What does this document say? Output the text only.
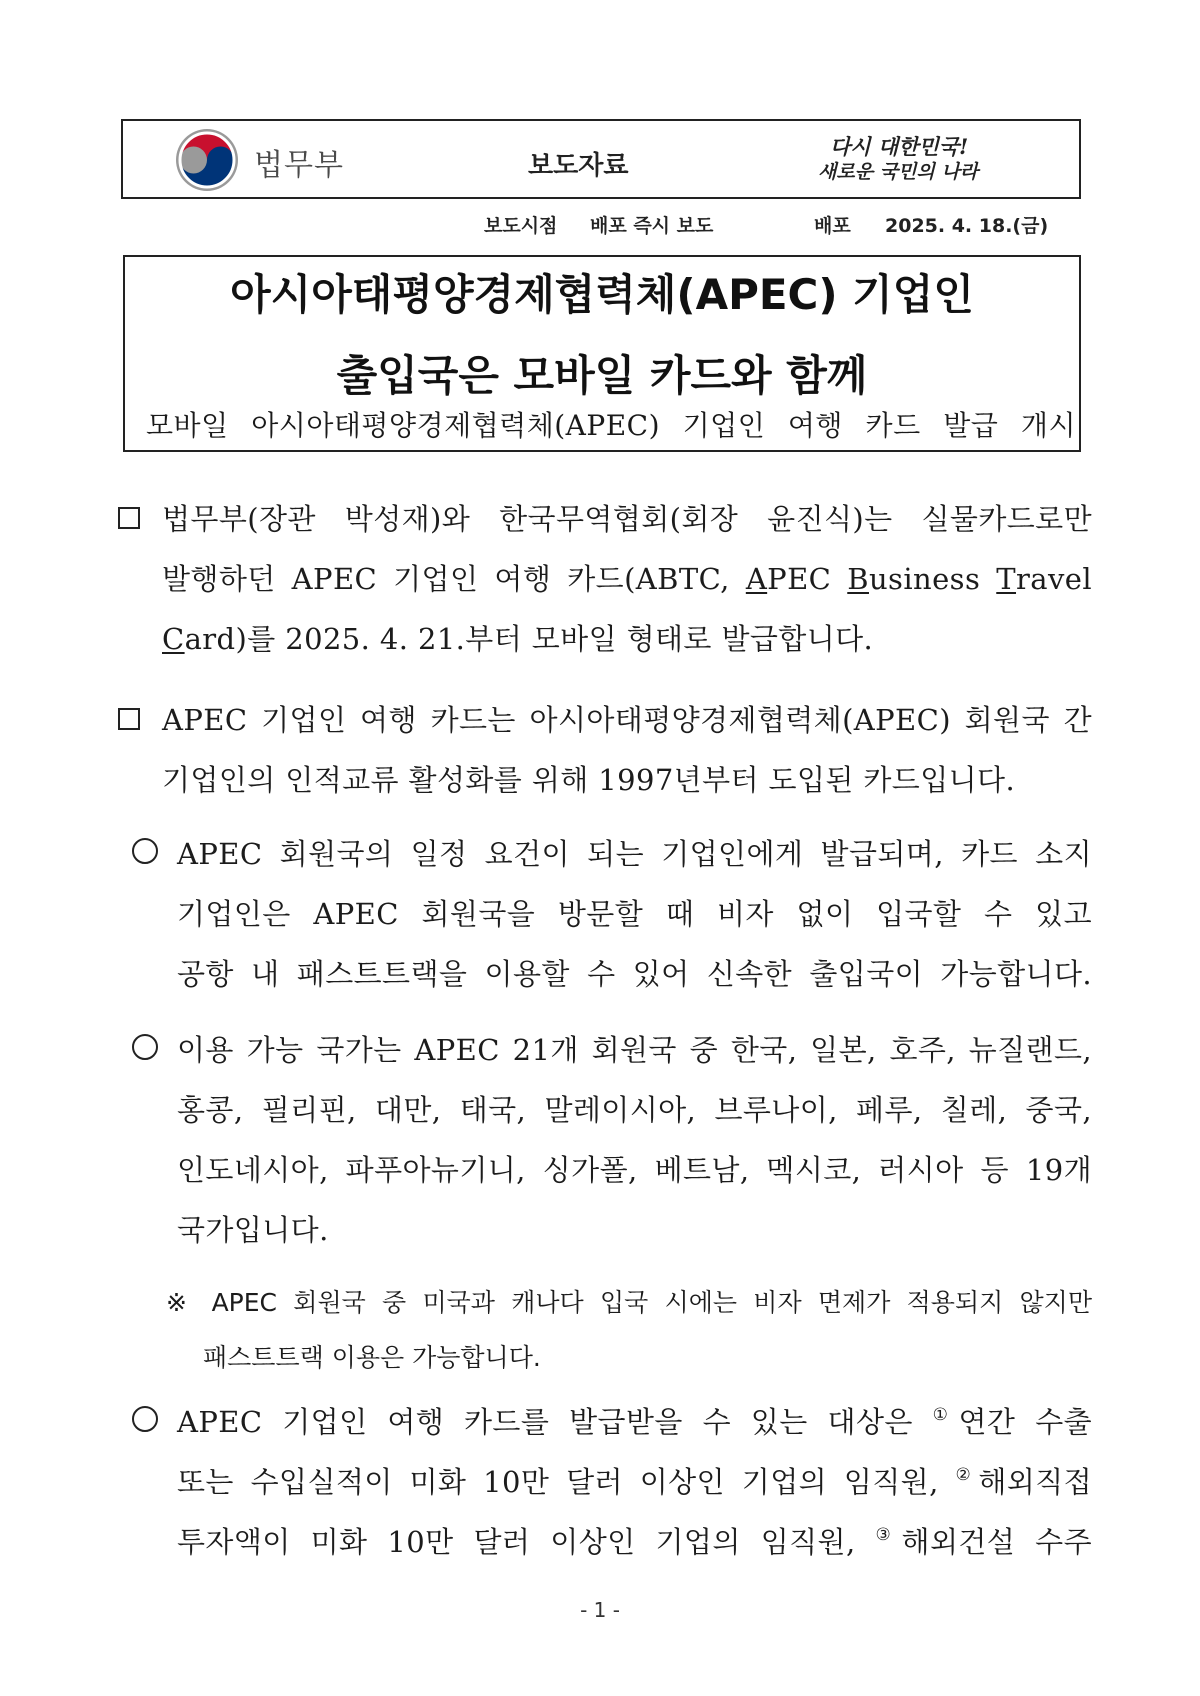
법무부	보도자료
다시 대한민국!
새로운 국민의 나라
보도시점 배포 즉시 보도	배포 2025. 4. 18.(금)
아시아태평양경제협력체(APEC) 기업인
출입국은 모바일 카드와 함께
모바일 아시아태평양경제협력체(APEC) 기업인 여행 카드 발급 개시
법무부(장관 박성재)와 한국무역협회(회장 윤진식)는 실물카드로만
발행하던 APEC 기업인 여행 카드(ABTC, APEC Business Travel
Card)를 2025. 4. 21.부터 모바일 형태로 발급합니다.
APEC 기업인 여행 카드는 아시아태평양경제협력체(APEC) 회원국 간
기업인의 인적교류 활성화를 위해 1997년부터 도입된 카드입니다.
APEC 회원국의 일정 요건이 되는 기업인에게 발급되며, 카드 소지
기업인은 APEC 회원국을 방문할 때 비자 없이 입국할 수 있고
공항 내 패스트트랙을 이용할 수 있어 신속한 출입국이 가능합니다.
이용 가능 국가는 APEC 21개 회원국 중 한국, 일본, 호주, 뉴질랜드,
홍콩, 필리핀, 대만, 태국, 말레이시아, 브루나이, 페루, 칠레, 중국,
인도네시아, 파푸아뉴기니, 싱가폴, 베트남, 멕시코, 러시아 등 19개
국가입니다.
※ APEC 회원국 중 미국과 캐나다 입국 시에는 비자 면제가 적용되지 않지만
패스트트랙 이용은 가능합니다.
APEC 기업인 여행 카드를 발급받을 수 있는 대상은 ①연간 수출
또는 수입실적이 미화 10만 달러 이상인 기업의 임직원, ②해외직접
투자액이 미화 10만 달러 이상인 기업의 임직원, ③해외건설 수주
- 1 -
